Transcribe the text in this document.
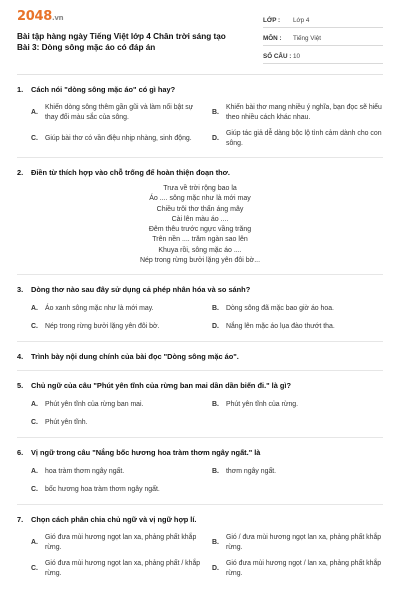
2048.vn
Bài tập hàng ngày Tiếng Việt lớp 4 Chân trời sáng tạo Bài 3: Dòng sông mặc áo có đáp án
LỚP :	Lớp 4
MÔN :	Tiếng Việt
SỐ CÂU : 10
1.	Cách nói "dòng sông mặc áo" có gì hay?
A.
Khiến dòng sông thêm gần gũi và làm nổi bật sự thay đổi màu sắc của sông.
B.
Khiến bài thơ mang nhiều ý nghĩa, bạn đọc sẽ hiểu theo nhiều cách khác nhau.
C.	Giúp bài thơ có vần điệu nhịp nhàng, sinh động.	D.
Giúp tác giả dễ dàng bộc lộ tình cảm dành cho con sông.
2.	Điền từ thích hợp vào chỗ trống để hoàn thiện đoạn thơ.
Trưa về trời rộng bao la
Áo .... sông mặc như là mới may
Chiều trôi thơ thẩn áng mây
Cài lên màu áo ....
Đêm thêu trước ngực vầng trăng
Trên nền .... trăm ngàn sao lên
Khuya rồi, sông mặc áo ....
Nép trong rừng bưởi lặng yên đôi bờ...
3.	Dòng thơ nào sau đây sử dụng cả phép nhân hóa và so sánh?
A.	Áo xanh sông mặc như là mới may.	B.	Dòng sông đã mặc bao giờ áo hoa.
C.	Nép trong rừng bưởi lặng yên đôi bờ.	D.	Nắng lên mặc áo lụa đào thướt tha.
4.	Trình bày nội dung chính của bài đọc "Dòng sông mặc áo".
5.	Chủ ngữ của câu "Phút yên tĩnh của rừng ban mai dần dần biến đi." là gì?
A.	Phút yên tĩnh của rừng ban mai.	B.	Phút yên tĩnh của rừng.
C.	Phút yên tĩnh.
6.	Vị ngữ trong câu "Nắng bốc hương hoa tràm thơm ngây ngất." là
A.	hoa tràm thơm ngây ngất.	B.	thơm ngây ngất.
C.	bốc hương hoa tràm thơm ngây ngất.
7.	Chọn cách phân chia chủ ngữ và vị ngữ hợp lí.
A.
Gió đưa mùi hương ngọt lan xa, phảng phất khắp rừng.
B.
Gió / đưa mùi hương ngọt lan xa, phảng phất khắp rừng.
C.
Gió đưa mùi hương ngọt lan xa, phảng phất / khắp rừng.
D.
Gió đưa mùi hương ngọt / lan xa, phảng phất khắp rừng.
